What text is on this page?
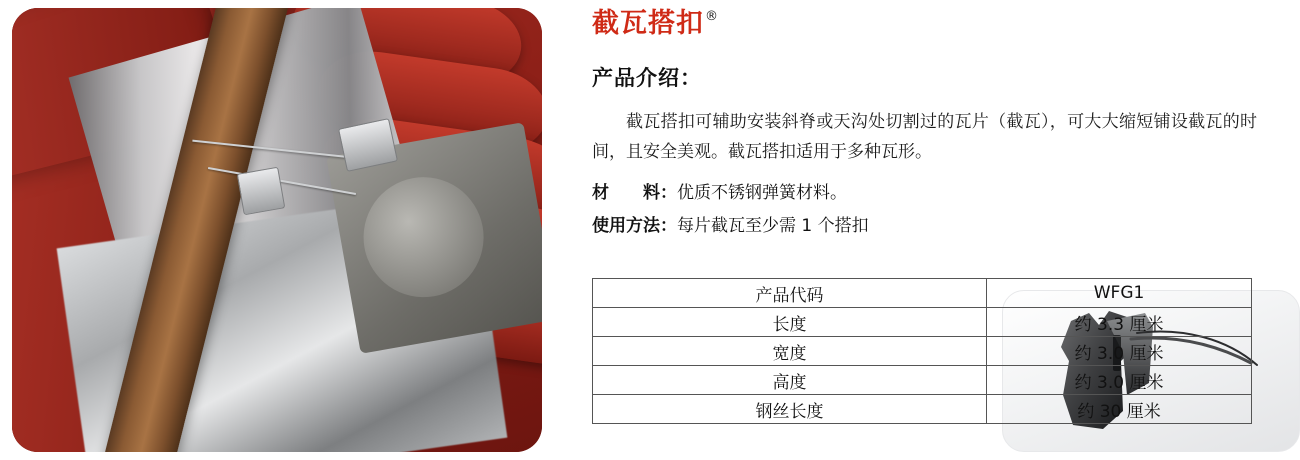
截瓦搭扣 ®
产品介绍：
截瓦搭扣可辅助安装斜脊或天沟处切割过的瓦片（截瓦），可大大缩短铺设截瓦的时间，且安全美观。截瓦搭扣适用于多种瓦形。
材　　料：优质不锈钢弹簧材料。
使用方法：每片截瓦至少需 1 个搭扣
产品代码	WFG1
长度	约 3.3 厘米
宽度	约 3.0 厘米
高度	约 3.0 厘米
钢丝长度	约 30 厘米
